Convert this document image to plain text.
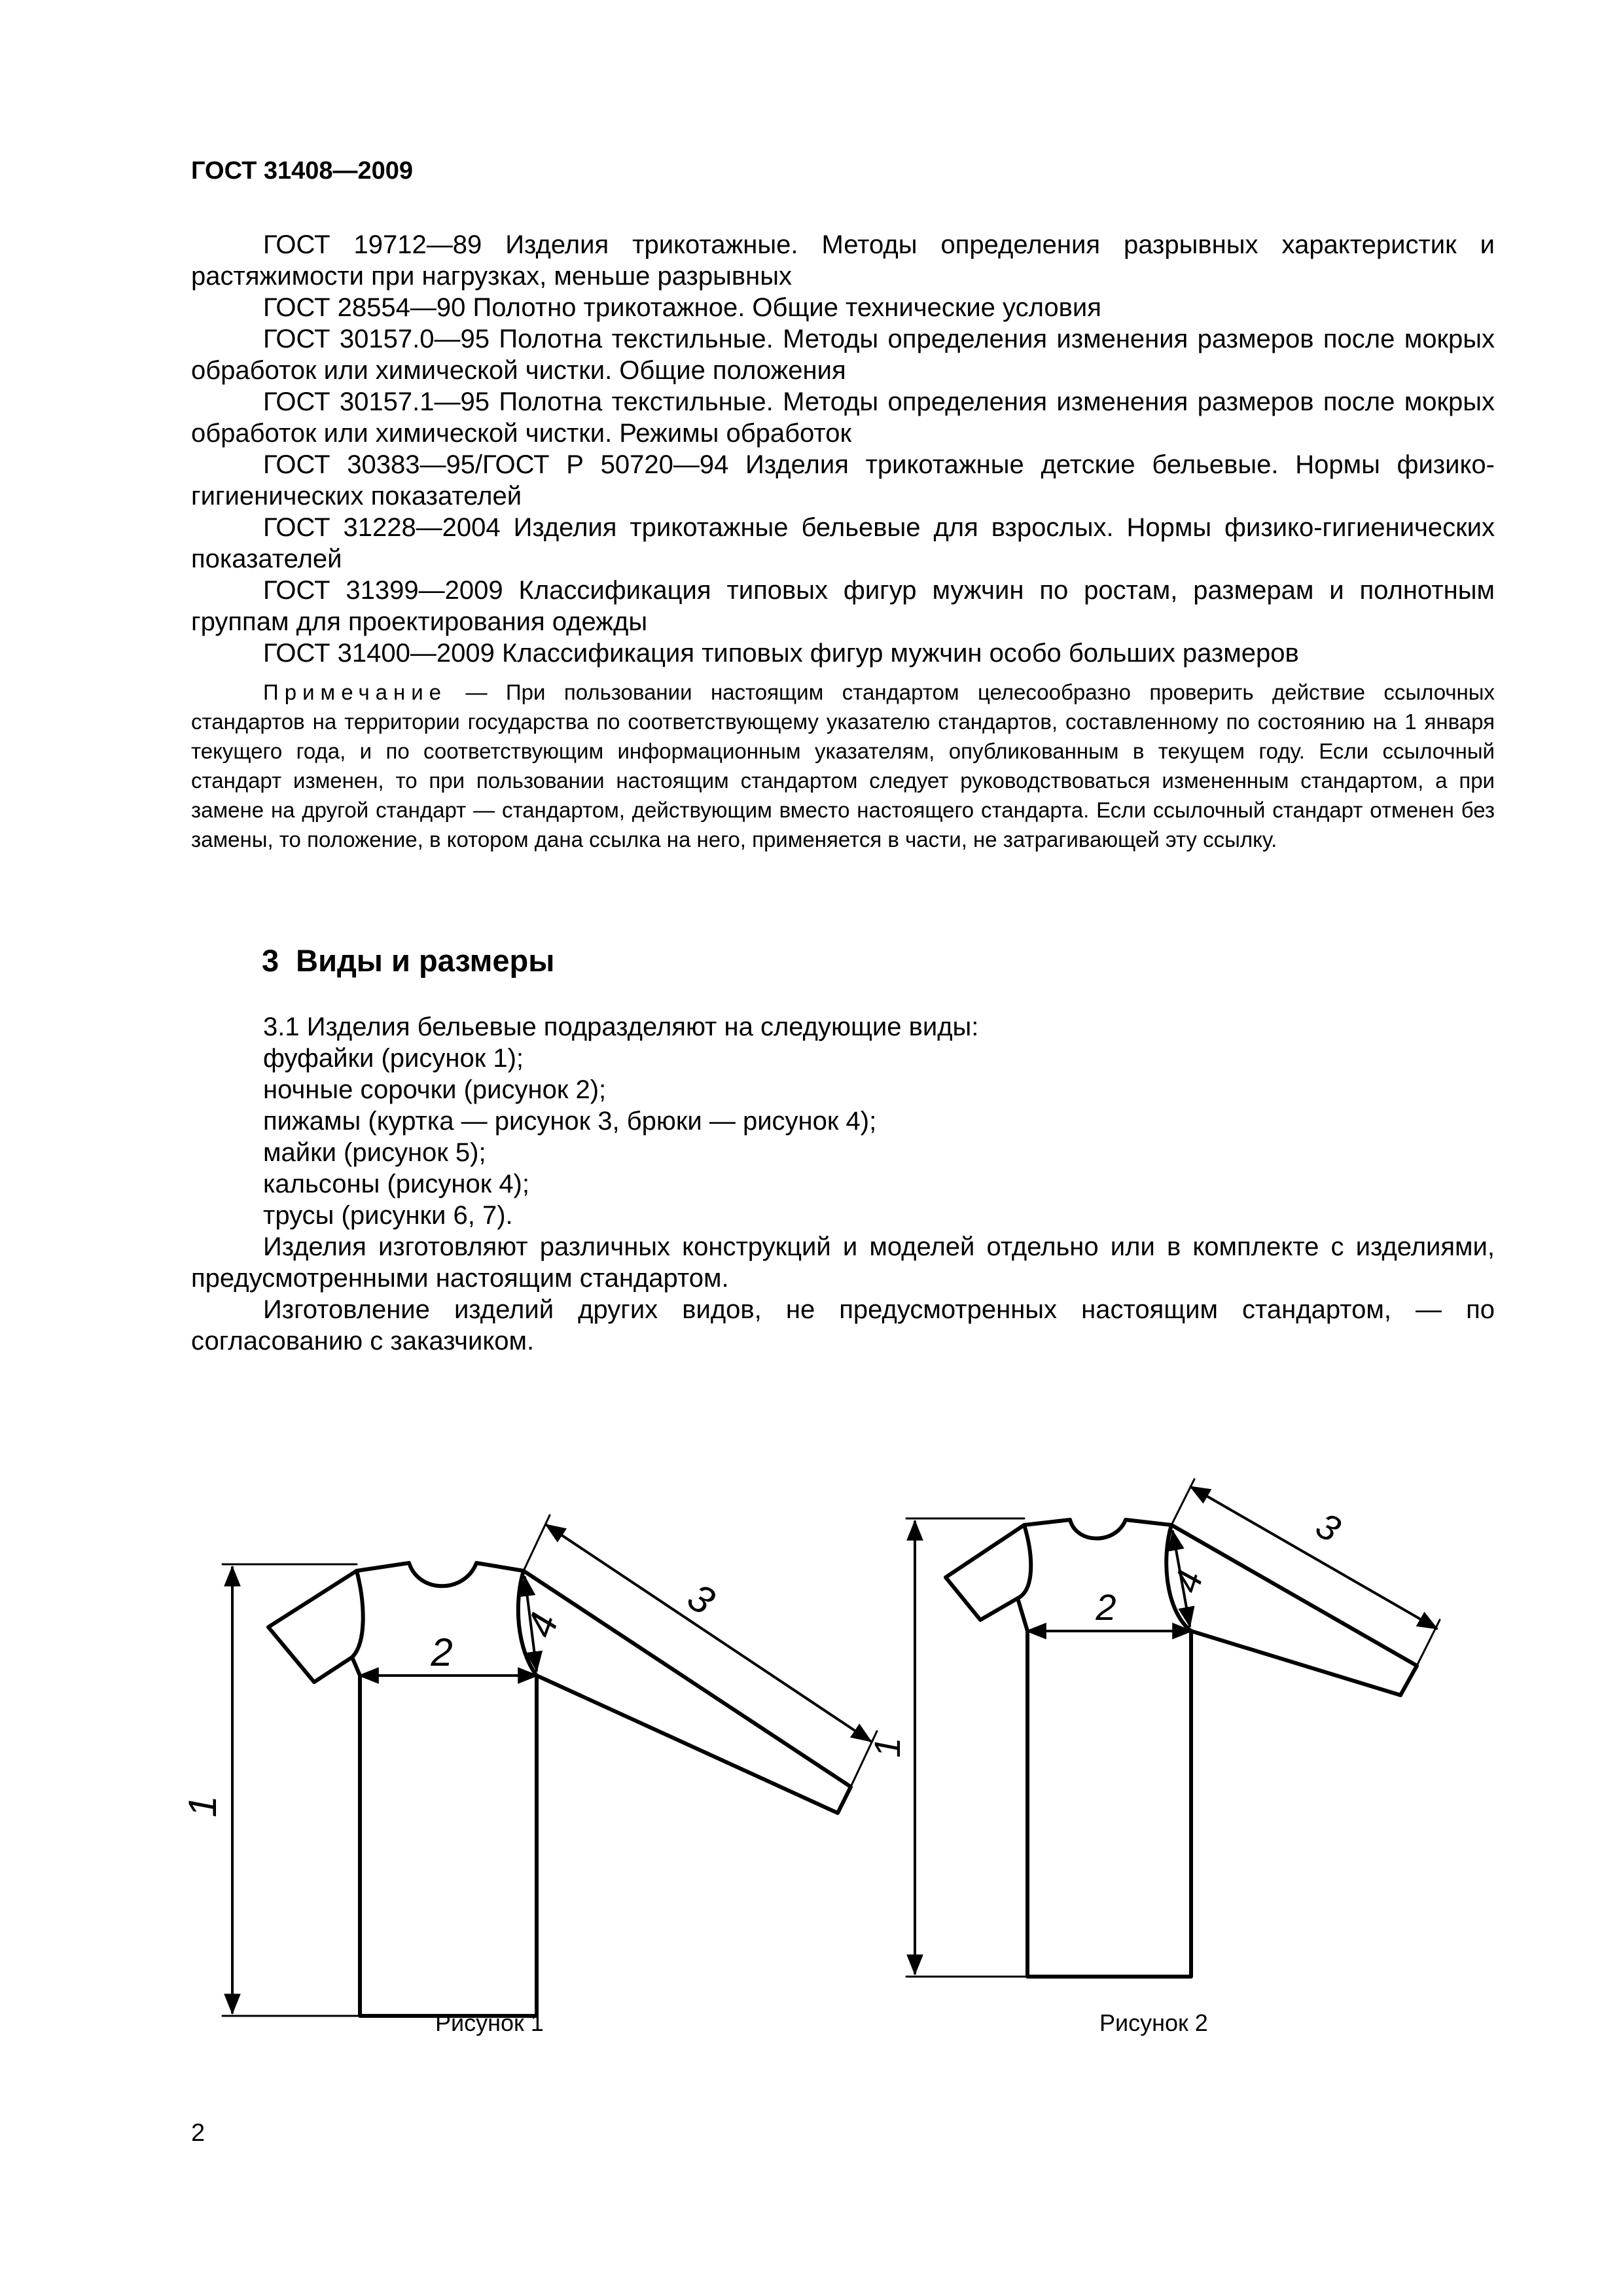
ГОСТ 31408—2009

ГОСТ 19712—89 Изделия трикотажные. Методы определения разрывных характеристик и растяжимости при нагрузках, меньше разрывных

ГОСТ 28554—90 Полотно трикотажное. Общие технические условия

ГОСТ 30157.0—95 Полотна текстильные. Методы определения изменения размеров после мокрых обработок или химической чистки. Общие положения

ГОСТ 30157.1—95 Полотна текстильные. Методы определения изменения размеров после мокрых обработок или химической чистки. Режимы обработок

ГОСТ 30383—95/ГОСТ Р 50720—94 Изделия трикотажные детские бельевые. Нормы физико-гигиенических показателей

ГОСТ 31228—2004 Изделия трикотажные бельевые для взрослых. Нормы физико-гигиенических показателей

ГОСТ 31399—2009 Классификация типовых фигур мужчин по ростам, размерам и полнотным группам для проектирования одежды

ГОСТ 31400—2009 Классификация типовых фигур мужчин особо больших размеров

Примечание — При пользовании настоящим стандартом целесообразно проверить действие ссылочных стандартов на территории государства по соответствующему указателю стандартов, составленному по состоянию на 1 января текущего года, и по соответствующим информационным указателям, опубликованным в текущем году. Если ссылочный стандарт изменен, то при пользовании настоящим стандартом следует руководствоваться измененным стандартом, а при замене на другой стандарт — стандартом, действующим вместо настоящего стандарта. Если ссылочный стандарт отменен без замены, то положение, в котором дана ссылка на него, применяется в части, не затрагивающей эту ссылку.

3 Виды и размеры

3.1 Изделия бельевые подразделяют на следующие виды:

фуфайки (рисунок 1);

ночные сорочки (рисунок 2);

пижамы (куртка — рисунок 3, брюки — рисунок 4);

майки (рисунок 5);

кальсоны (рисунок 4);

трусы (рисунки 6, 7).

Изделия изготовляют различных конструкций и моделей отдельно или в комплекте с изделиями, предусмотренными настоящим стандартом.

Изготовление изделий других видов, не предусмотренных настоящим стандартом, — по согласованию с заказчиком.

1
2
3
4
Рисунок 1
1
2
3
4
Рисунок 2
2
